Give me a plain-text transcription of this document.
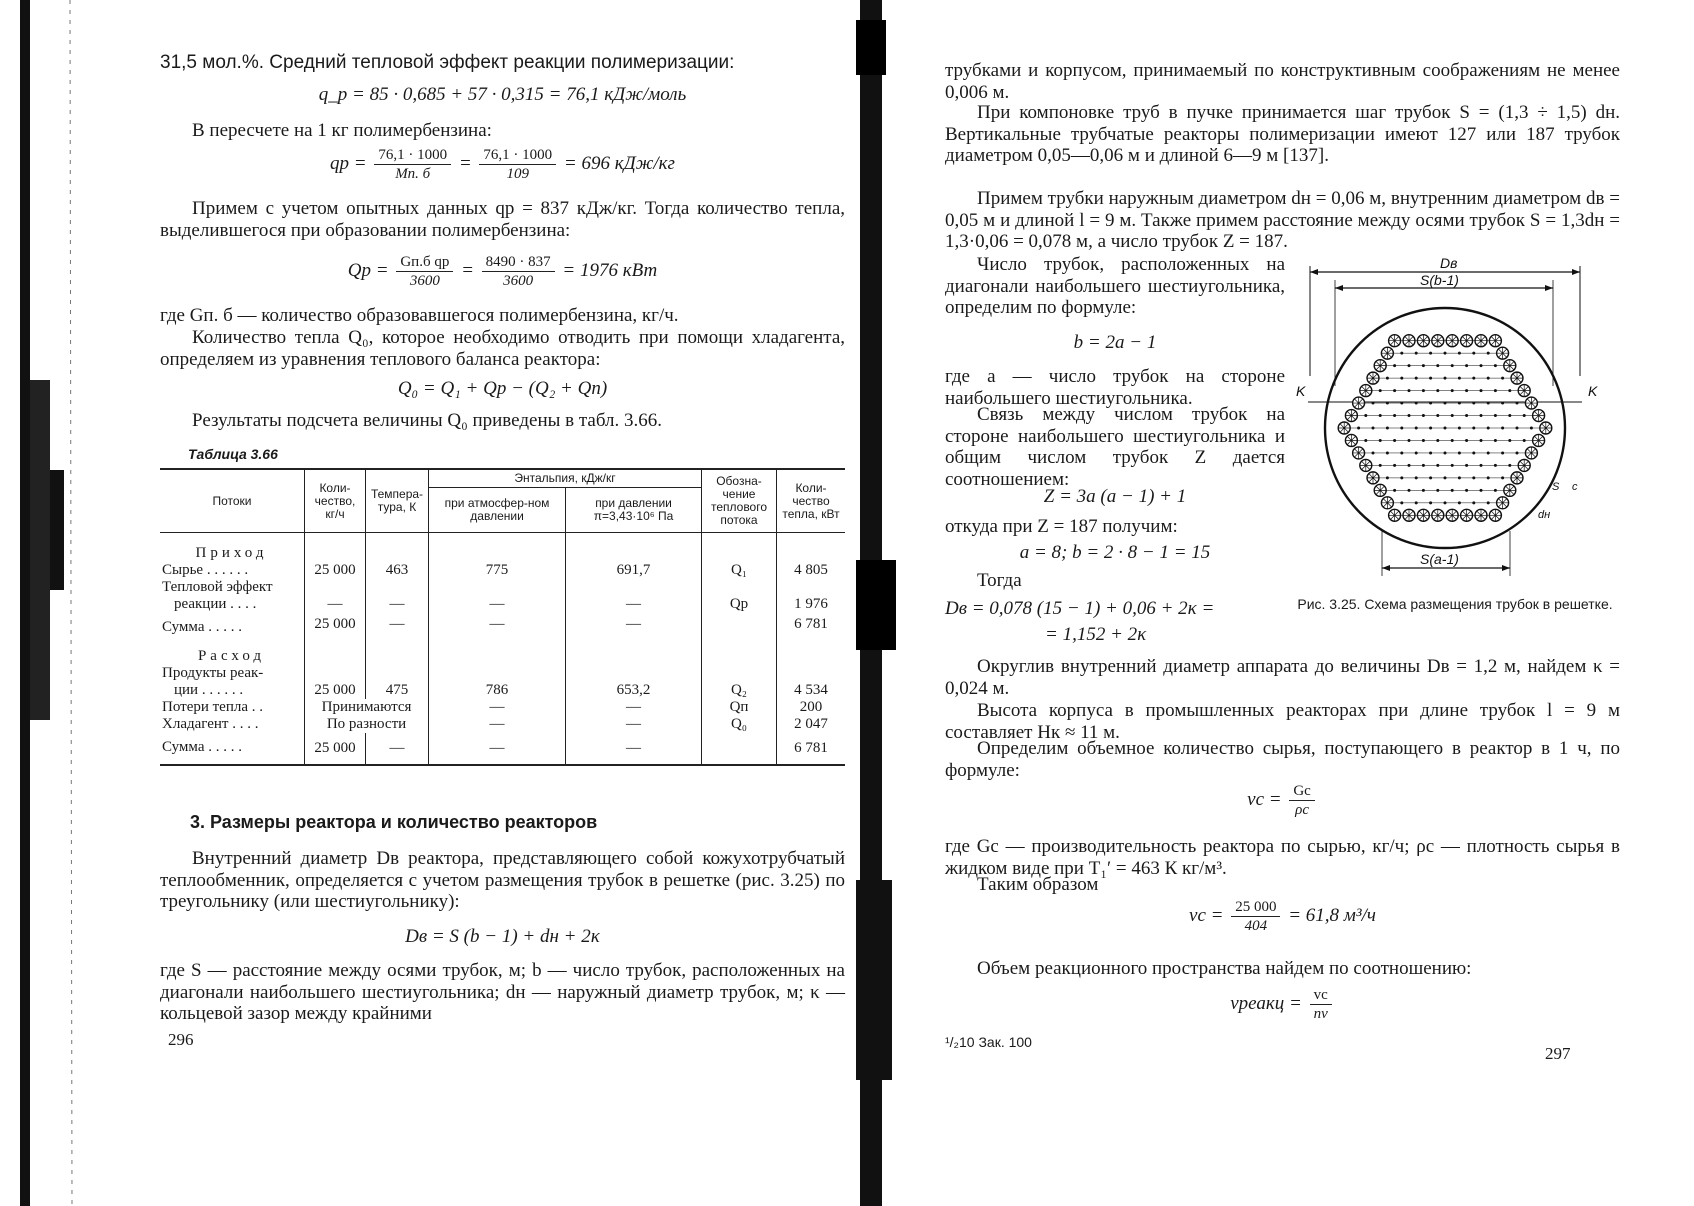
31,5 мол.%. Средний тепловой эффект реакции полимеризации:

q_p = 85 · 0,685 + 57 · 0,315 = 76,1 кДж/моль

В пересчете на 1 кг полимербензина:

qp = $\frac{76,1 \cdot 1000}{Mп. б} = \frac{76,1 \cdot 1000}{109} = 696$ кДж/кг

Примем с учетом опытных данных qp = 837 кДж/кг. Тогда количество тепла, выделившегося при образовании полимербензина:

$Qp = \frac{\text{Gп.б qp}}{3600} = \frac{8490 \cdot 837}{3600} = 1976$ кВт

где Gп. б — количество образовавшегося полимербензина, кг/ч.

Количество тепла Q₀, которое необходимо отводить при помощи хладагента, определяем из уравнения теплового баланса реактора:

Q₀ = Q₁ + Qp − (Q₂ + Qп)

Результаты подсчета величины Q₀ приведены в табл. 3.66.

Таблица 3.66

Потоки	Коли-чество, кг/ч	Темпера-тура, К	Энтальпия, кДж/кг		Обозна-чение теплового потока	Коли-чество тепла, кВт
			при атмосфер-ном давлении	при давлении π=3,43·10⁶ Па		
Приход						
Сырье . . . . . .	25 000	463	775	691,7	Q₁	4 805
Тепловой эффект						
реакции . . . .	—	—	—	—	Qp	1 976
Сумма . . . . .	25 000	—	—	—		6 781
Расход						
Продукты реак-						
ции . . . . . .	25 000	475	786	653,2	Q₂	4 534
Потери тепла . .	Принимаются		—	—	Qп	200
Хладагент . . . .	По разности		—	—	Q₀	2 047
Сумма . . . . .	25 000	—	—	—		6 781

3. Размеры реактора и количество реакторов

Внутренний диаметр Dв реактора, представляющего собой кожухотрубчатый теплообменник, определяется с учетом размещения трубок в решетке (рис. 3.25) по треугольнику (или шестиугольнику):

Dв = S (b − 1) + dн + 2κ

где S — расстояние между осями трубок, м; b — число трубок, расположенных на диагонали наибольшего шестиугольника; dн — наружный диаметр трубок, м; κ — кольцевой зазор между крайними

296

трубками и корпусом, принимаемый по конструктивным соображениям не менее 0,006 м.

При компоновке труб в пучке принимается шаг трубок S = (1,3 ÷ 1,5) dн. Вертикальные трубчатые реакторы полимеризации имеют 127 или 187 трубок диаметром 0,05—0,06 м и длиной 6—9 м [137].

Примем трубки наружным диаметром dн = 0,06 м, внутренним диаметром dв = 0,05 м и длиной l = 9 м. Также примем расстояние между осями трубок S = 1,3dн = 1,3·0,06 = 0,078 м, а число трубок Z = 187.

Число трубок, расположенных на диагонали наибольшего шестиугольника, определим по формуле:

b = 2a − 1

где a — число трубок на стороне наибольшего шестиугольника.

Связь между числом трубок на стороне наибольшего шестиугольника и общим числом трубок Z дается соотношением:

Z = 3a (a − 1) + 1

откуда при Z = 187 получим:

a = 8; b = 2 · 8 − 1 = 15

Тогда

Dв = 0,078 (15 − 1) + 0,06 + 2κ =

= 1,152 + 2κ

Dв
S(b-1)
K	K
S(a-1)
S
dн
c
Рис. 3.25. Схема размещения трубок в решетке.

Округлив внутренний диаметр аппарата до величины Dв = 1,2 м, найдем κ = 0,024 м.

Высота корпуса в промышленных реакторах при длине трубок l = 9 м составляет Hк ≈ 11 м.

Определим объемное количество сырья, поступающего в реактор в 1 ч, по формуле:

vc = $\frac{Gc}{\rho c}$

где Gc — производительность реактора по сырью, кг/ч; ρc — плотность сырья в жидком виде при T₁′ = 463 К кг/м³.

Таким образом

vc = $\frac{25 000}{404} = 61,8$ м³/ч

Объем реакционного пространства найдем по соотношению:

vреакц = $\frac{vc}{nv}$
¹/₂10 Зак. 100
297
